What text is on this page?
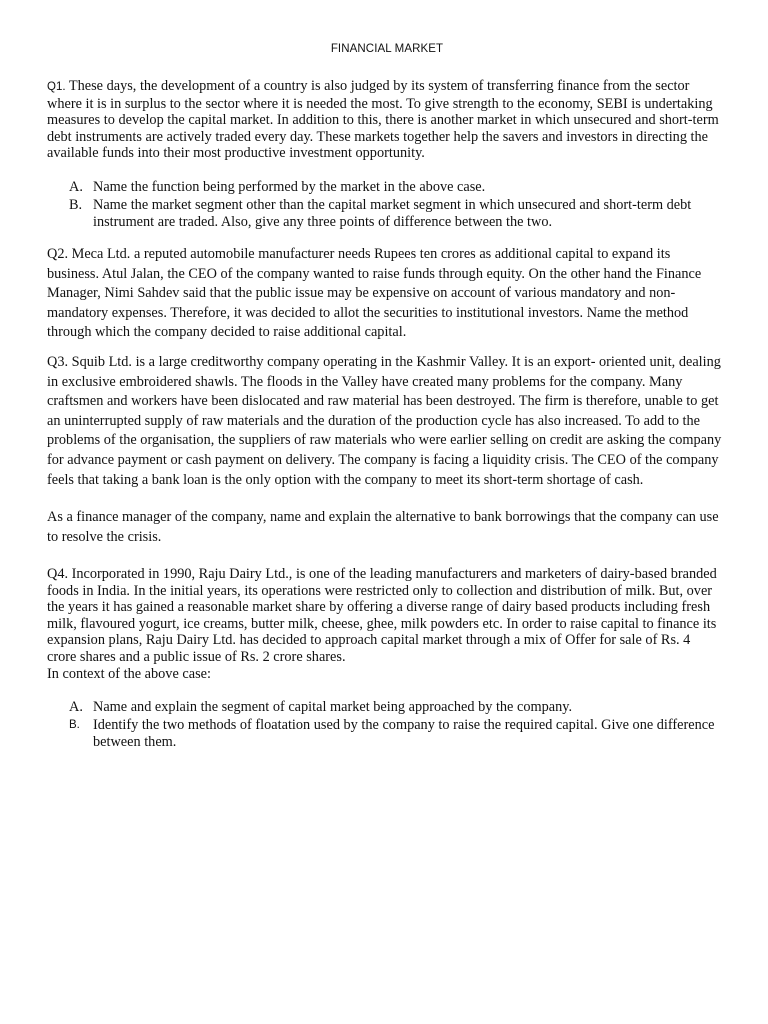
FINANCIAL MARKET

Q1. These days, the development of a country is also judged by its system of transferring finance from the sector where it is in surplus to the sector where it is needed the most. To give strength to the economy, SEBI is undertaking measures to develop the capital market. In addition to this, there is another market in which unsecured and short-term debt instruments are actively traded every day. These markets together help the savers and investors in directing the available funds into their most productive investment opportunity.

A. Name the function being performed by the market in the above case.
B. Name the market segment other than the capital market segment in which unsecured and short-term debt instrument are traded. Also, give any three points of difference between the two.

Q2. Meca Ltd. a reputed automobile manufacturer needs Rupees ten crores as additional capital to expand its business. Atul Jalan, the CEO of the company wanted to raise funds through equity. On the other hand the Finance Manager, Nimi Sahdev said that the public issue may be expensive on account of various mandatory and non-mandatory expenses. Therefore, it was decided to allot the securities to institutional investors. Name the method through which the company decided to raise additional capital.

Q3. Squib Ltd. is a large creditworthy company operating in the Kashmir Valley. It is an export- oriented unit, dealing in exclusive embroidered shawls. The floods in the Valley have created many problems for the company. Many craftsmen and workers have been dislocated and raw material has been destroyed. The firm is therefore, unable to get an uninterrupted supply of raw materials and the duration of the production cycle has also increased. To add to the problems of the organisation, the suppliers of raw materials who were earlier selling on credit are asking the company for advance payment or cash payment on delivery. The company is facing a liquidity crisis. The CEO of the company feels that taking a bank loan is the only option with the company to meet its short-term shortage of cash.

As a finance manager of the company, name and explain the alternative to bank borrowings that the company can use to resolve the crisis.

Q4. Incorporated in 1990, Raju Dairy Ltd., is one of the leading manufacturers and marketers of dairy-based branded foods in India. In the initial years, its operations were restricted only to collection and distribution of milk. But, over the years it has gained a reasonable market share by offering a diverse range of dairy based products including fresh milk, flavoured yogurt, ice creams, butter milk, cheese, ghee, milk powders etc. In order to raise capital to finance its expansion plans, Raju Dairy Ltd. has decided to approach capital market through a mix of Offer for sale of Rs. 4 crore shares and a public issue of Rs. 2 crore shares.

In context of the above case:

A. Name and explain the segment of capital market being approached by the company.
B. Identify the two methods of floatation used by the company to raise the required capital. Give one difference between them.
